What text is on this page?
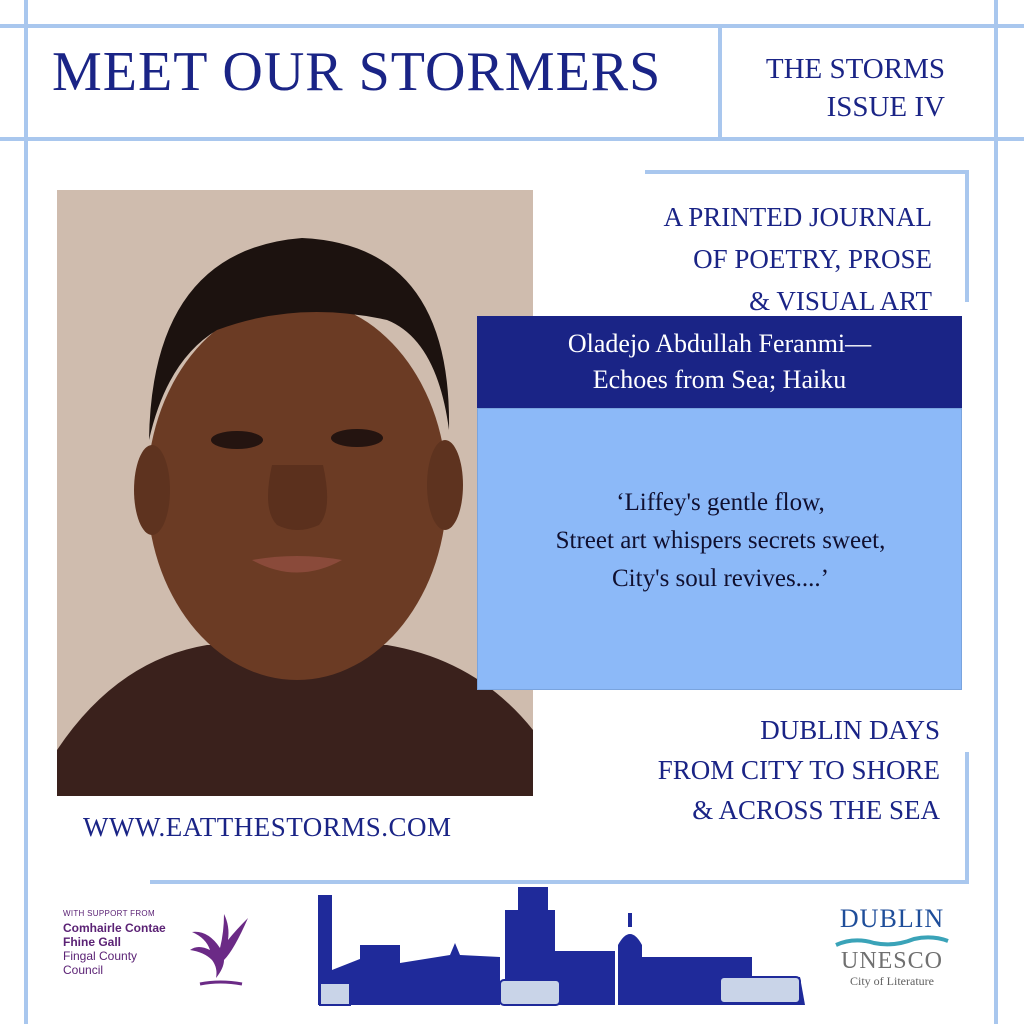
MEET OUR STORMERS	THE STORMS
ISSUE IV
A PRINTED JOURNAL
OF POETRY, PROSE
& VISUAL ART
Oladejo Abdullah Feranmi—
Echoes from Sea; Haiku
‘Liffey's gentle flow,
Street art whispers secrets sweet,
City's soul revives....’
DUBLIN DAYS
FROM CITY TO SHORE
& ACROSS THE SEA
WWW.EATTHESTORMS.COM
WITH SUPPORT FROM
Comhairle Contae
Fhine Gall
Fingal County
Council
DUBLIN
UNESCO
City of Literature
